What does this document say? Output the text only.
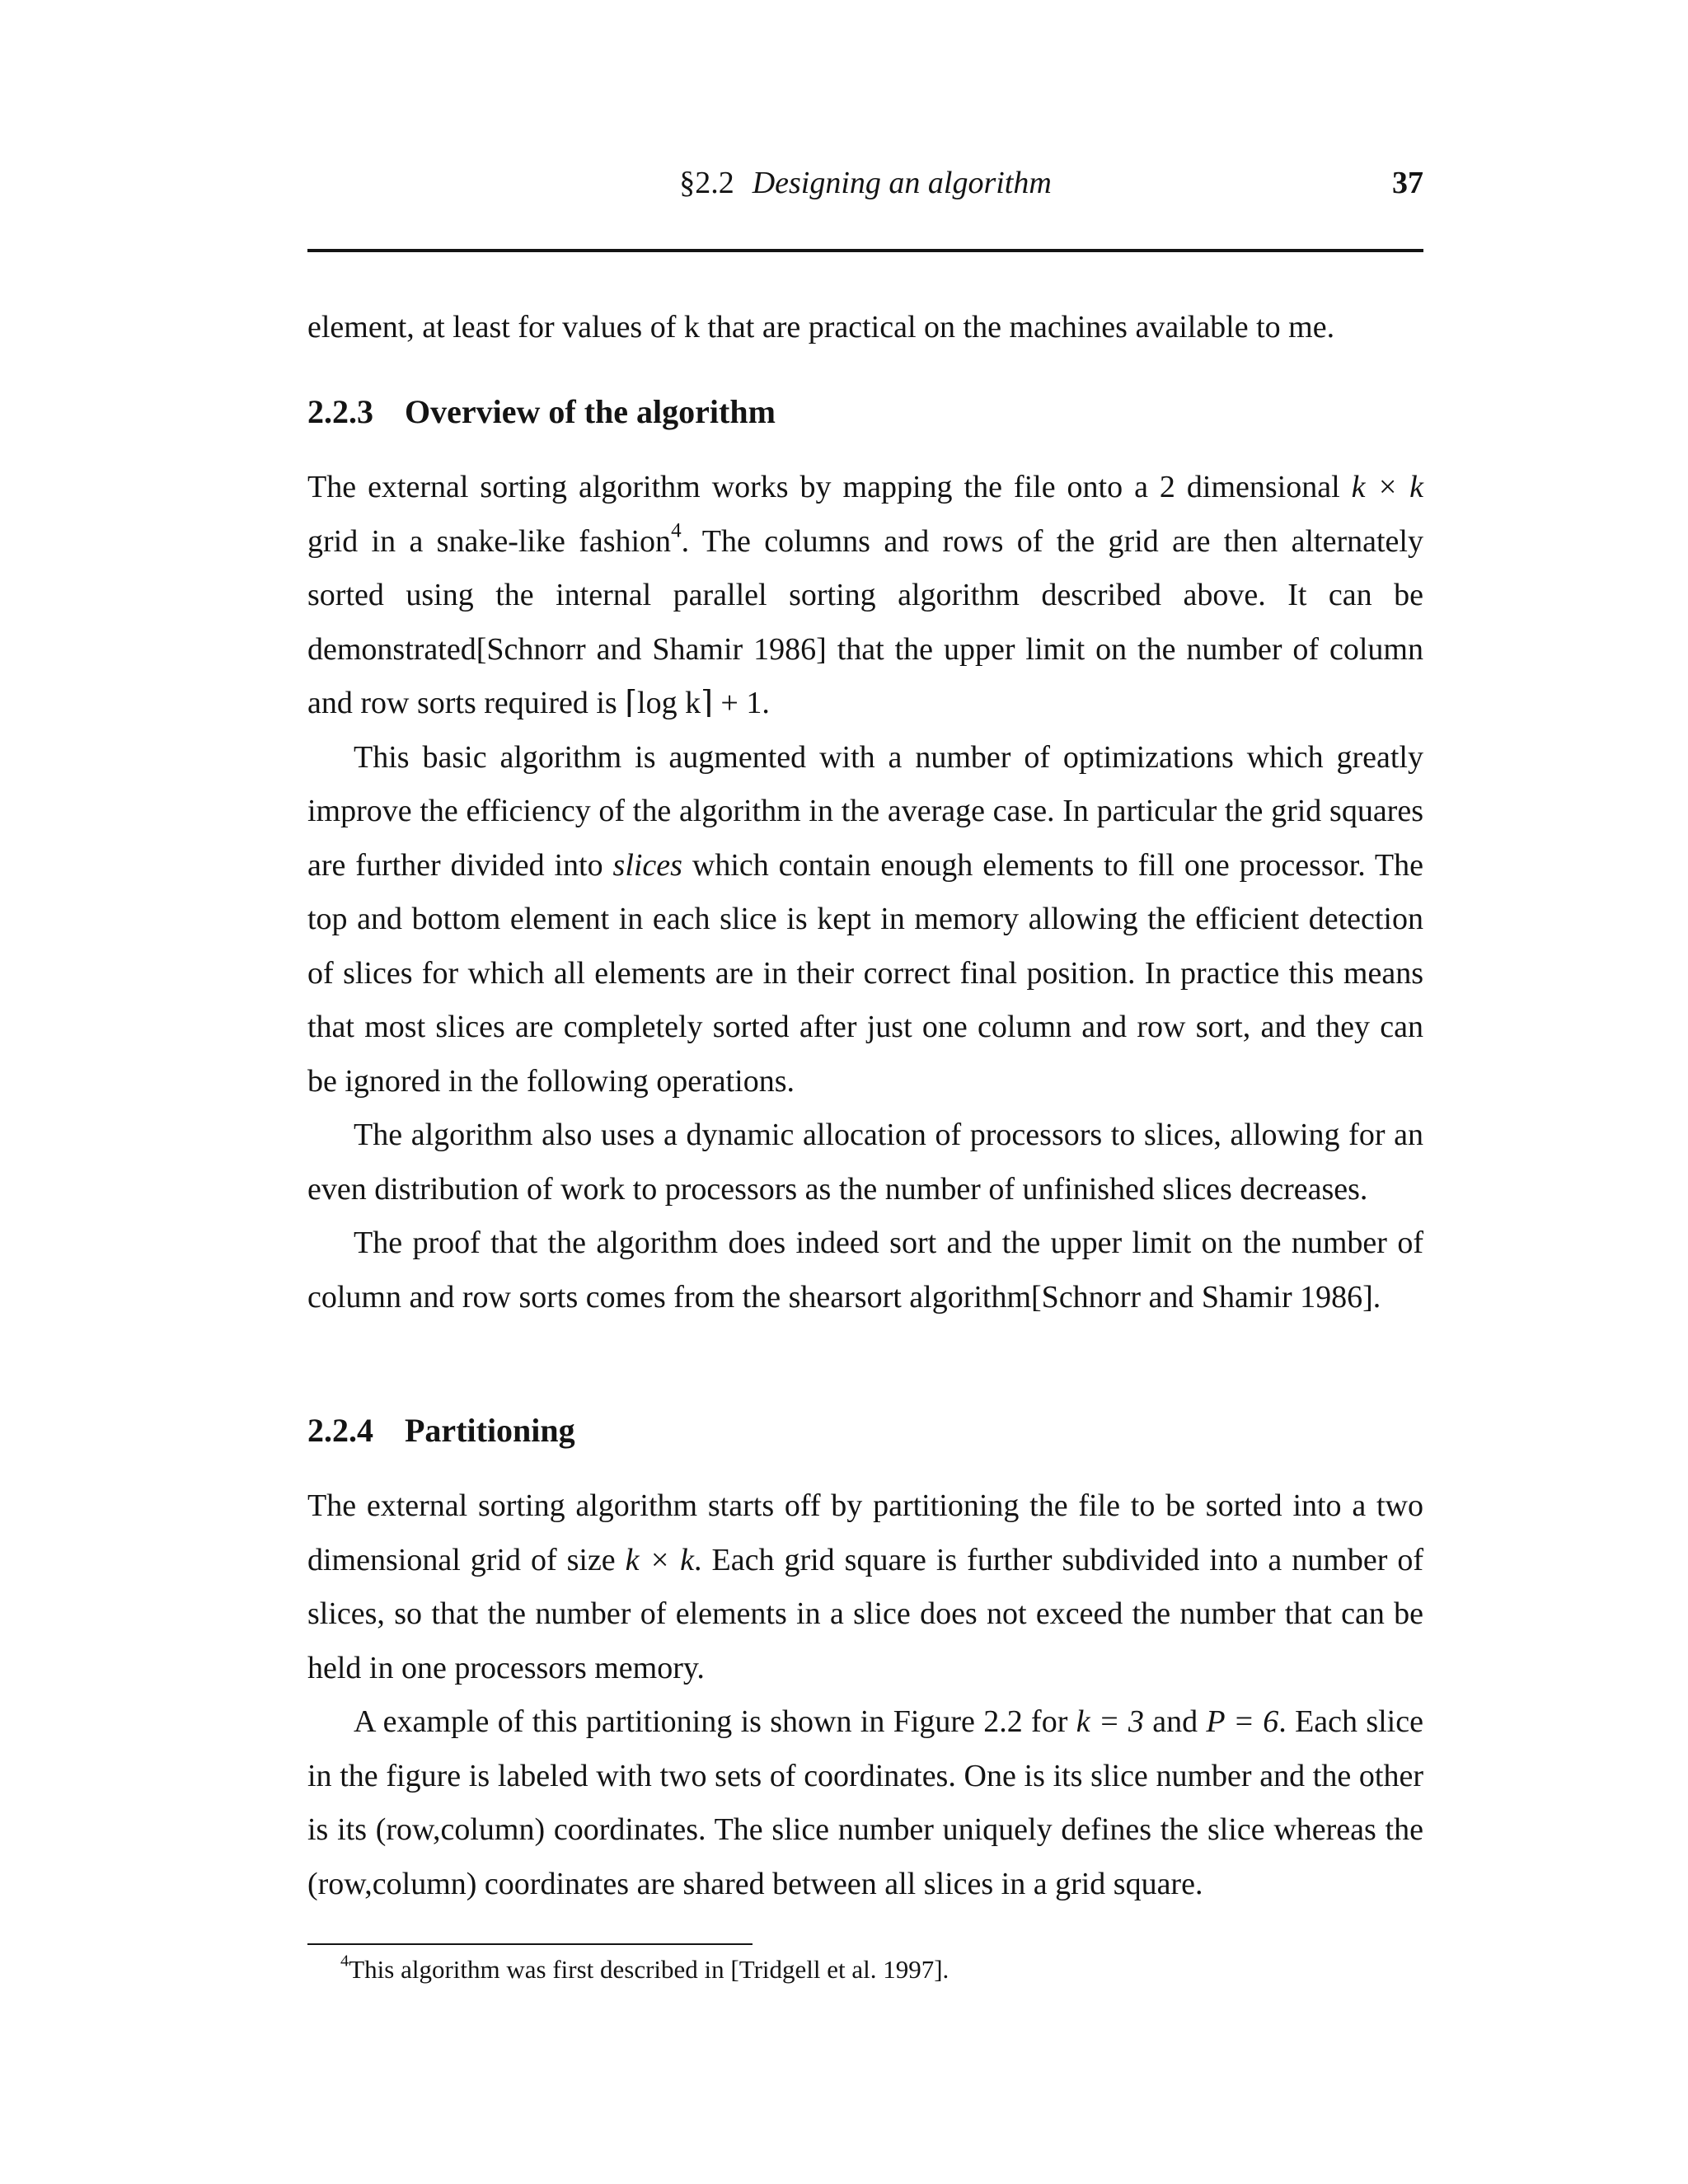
§2.2 Designing an algorithm	37

element, at least for values of k that are practical on the machines available to me.

2.2.3 Overview of the algorithm

The external sorting algorithm works by mapping the file onto a 2 dimensional k × k grid in a snake-like fashion$^4$. The columns and rows of the grid are then alternately sorted using the internal parallel sorting algorithm described above. It can be demonstrated[Schnorr and Shamir 1986] that the upper limit on the number of column and row sorts required is ⌈log k⌉ + 1.

This basic algorithm is augmented with a number of optimizations which greatly improve the efficiency of the algorithm in the average case. In particular the grid squares are further divided into slices which contain enough elements to fill one processor. The top and bottom element in each slice is kept in memory allowing the efficient detection of slices for which all elements are in their correct final position. In practice this means that most slices are completely sorted after just one column and row sort, and they can be ignored in the following operations.

The algorithm also uses a dynamic allocation of processors to slices, allowing for an even distribution of work to processors as the number of unfinished slices decreases.

The proof that the algorithm does indeed sort and the upper limit on the number of column and row sorts comes from the shearsort algorithm[Schnorr and Shamir 1986].

2.2.4 Partitioning

The external sorting algorithm starts off by partitioning the file to be sorted into a two dimensional grid of size k × k. Each grid square is further subdivided into a number of slices, so that the number of elements in a slice does not exceed the number that can be held in one processors memory.

A example of this partitioning is shown in Figure 2.2 for k = 3 and P = 6. Each slice in the figure is labeled with two sets of coordinates. One is its slice number and the other is its (row,column) coordinates. The slice number uniquely defines the slice whereas the (row,column) coordinates are shared between all slices in a grid square.

$^4$This algorithm was first described in [Tridgell et al. 1997].
